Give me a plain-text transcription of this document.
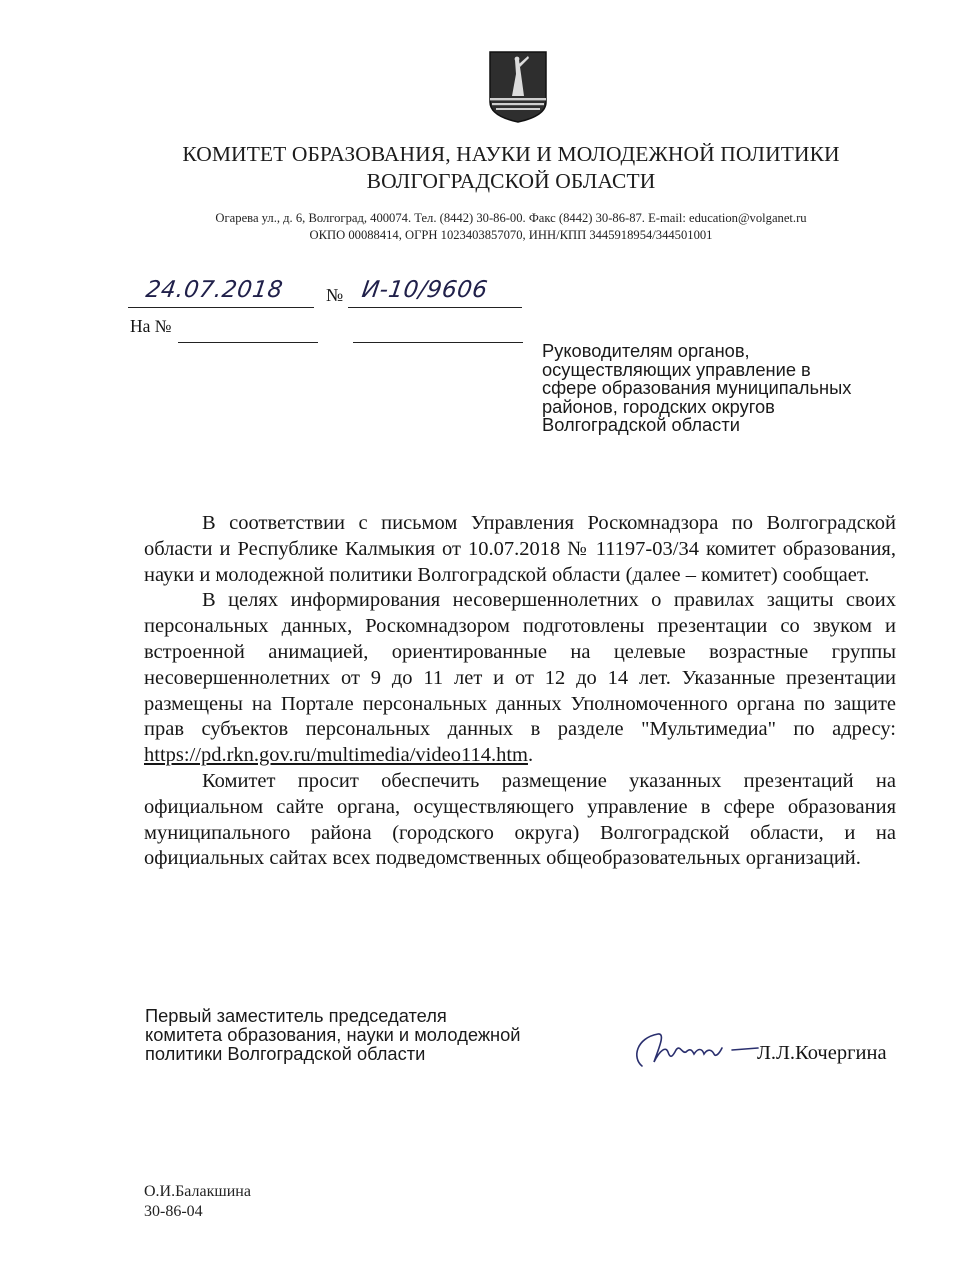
КОМИТЕТ ОБРАЗОВАНИЯ, НАУКИ И МОЛОДЕЖНОЙ ПОЛИТИКИ
ВОЛГОГРАДСКОЙ ОБЛАСТИ
Огарева ул., д. 6, Волгоград, 400074. Тел. (8442) 30-86-00. Факс (8442) 30-86-87. E-mail: education@volganet.ru
ОКПО 00088414, ОГРН 1023403857070, ИНН/КПП 3445918954/344501001
24.07.2018 № И-10/9606
На №
Руководителям органов,
осуществляющих управление в
сфере образования муниципальных
районов, городских округов
Волгоградской области

В соответствии с письмом Управления Роскомнадзора по Волгоградской области и Республике Калмыкия от 10.07.2018 № 11197-03/34 комитет образования, науки и молодежной политики Волгоградской области (далее – комитет) сообщает.

В целях информирования несовершеннолетних о правилах защиты своих персональных данных, Роскомнадзором подготовлены презентации со звуком и встроенной анимацией, ориентированные на целевые возрастные группы несовершеннолетних от 9 до 11 лет и от 12 до 14 лет. Указанные презентации размещены на Портале персональных данных Уполномоченного органа по защите прав субъектов персональных данных в разделе "Мультимедиа" по адресу: https://pd.rkn.gov.ru/multimedia/video114.htm.

Комитет просит обеспечить размещение указанных презентаций на официальном сайте органа, осуществляющего управление в сфере образования муниципального района (городского округа) Волгоградской области, и на официальных сайтах всех подведомственных общеобразовательных организаций.

Первый заместитель председателя
комитета образования, науки и молодежной
политики Волгоградской области	Л.Л.Кочергина
О.И.Балакшина
30-86-04
